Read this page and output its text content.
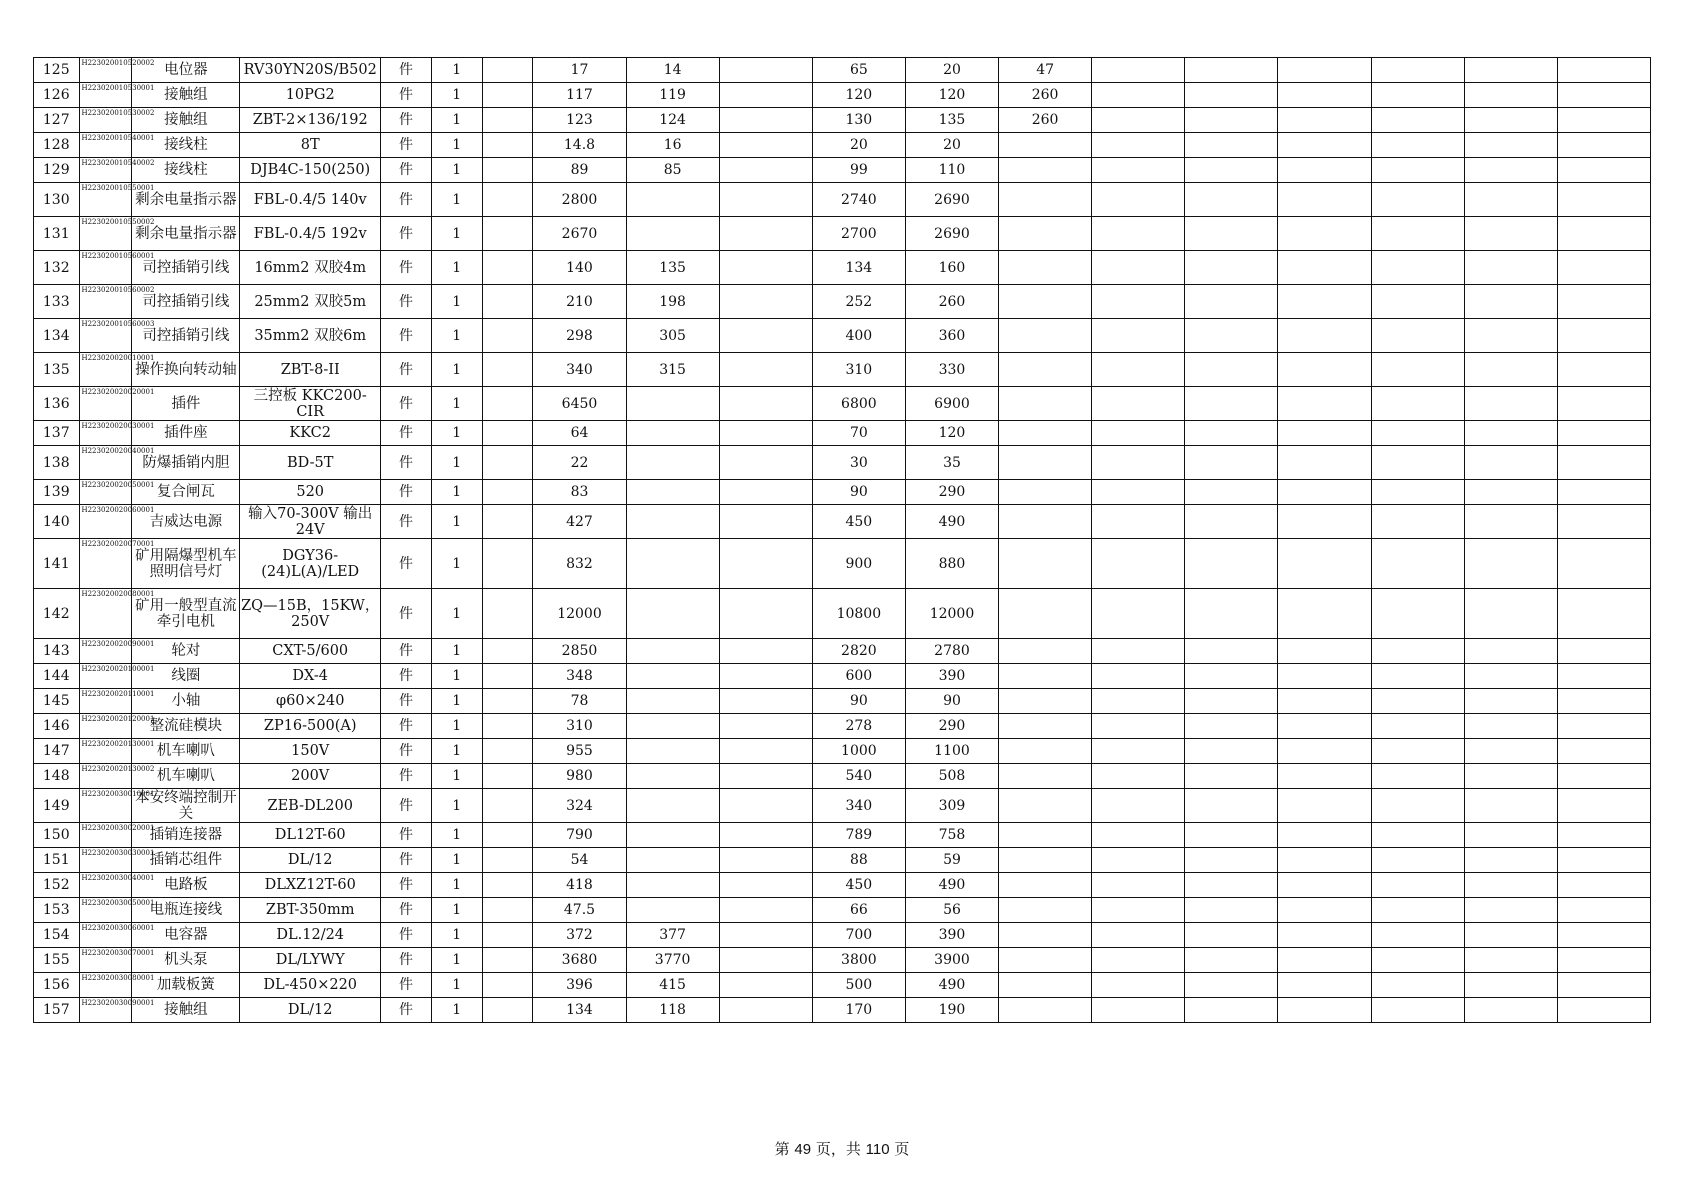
125	H223020010520002	电位器	RV30YN20S/B502	件	1		17	14		65	20	47						
126	H223020010530001	接触组	10PG2	件	1		117	119		120	120	260						
127	H223020010530002	接触组	ZBT-2×136/192	件	1		123	124		130	135	260						
128	H223020010540001	接线柱	8T	件	1		14.8	16		20	20							
129	H223020010540002	接线柱	DJB4C-150(250)	件	1		89	85		99	110							
130	H223020010550001	剩余电量指示器	FBL-0.4/5 140v	件	1		2800			2740	2690							
131	H223020010550002	剩余电量指示器	FBL-0.4/5 192v	件	1		2670			2700	2690							
132	H223020010560001	司控插销引线	16mm2 双胶4m	件	1		140	135		134	160							
133	H223020010560002	司控插销引线	25mm2 双胶5m	件	1		210	198		252	260							
134	H223020010560003	司控插销引线	35mm2 双胶6m	件	1		298	305		400	360							
135	H223020020010001	操作换向转动轴	ZBT-8-II	件	1		340	315		310	330							
136	H223020020020001	插件	三控板 KKC200-CIR	件	1		6450			6800	6900							
137	H223020020030001	插件座	KKC2	件	1		64			70	120							
138	H223020020040001	防爆插销内胆	BD-5T	件	1		22			30	35							
139	H223020020050001	复合闸瓦	520	件	1		83			90	290							
140	H223020020060001	吉威达电源	输入70-300V 输出24V	件	1		427			450	490							
141	H223020020070001	矿用隔爆型机车照明信号灯	DGY36-(24)L(A)/LED	件	1		832			900	880							
142	H223020020080001	矿用一般型直流牵引电机	ZQ—15B，15KW，250V	件	1		12000			10800	12000							
143	H223020020090001	轮对	CXT-5/600	件	1		2850			2820	2780							
144	H223020020100001	线圈	DX-4	件	1		348			600	390							
145	H223020020110001	小轴	φ60×240	件	1		78			90	90							
146	H223020020120001	整流硅模块	ZP16-500(A)	件	1		310			278	290							
147	H223020020130001	机车喇叭	150V	件	1		955			1000	1100							
148	H223020020130002	机车喇叭	200V	件	1		980			540	508							
149	H223020030010001	本安终端控制开关	ZEB-DL200	件	1		324			340	309							
150	H223020030020001	插销连接器	DL12T-60	件	1		790			789	758							
151	H223020030030001	插销芯组件	DL/12	件	1		54			88	59							
152	H223020030040001	电路板	DLXZ12T-60	件	1		418			450	490							
153	H223020030050001	电瓶连接线	ZBT-350mm	件	1		47.5			66	56							
154	H223020030060001	电容器	DL.12/24	件	1		372	377		700	390							
155	H223020030070001	机头泵	DL/LYWY	件	1		3680	3770		3800	3900							
156	H223020030080001	加载板簧	DL-450×220	件	1		396	415		500	490							
157	H223020030090001	接触组	DL/12	件	1		134	118		170	190							
第 49 页，共 110 页
